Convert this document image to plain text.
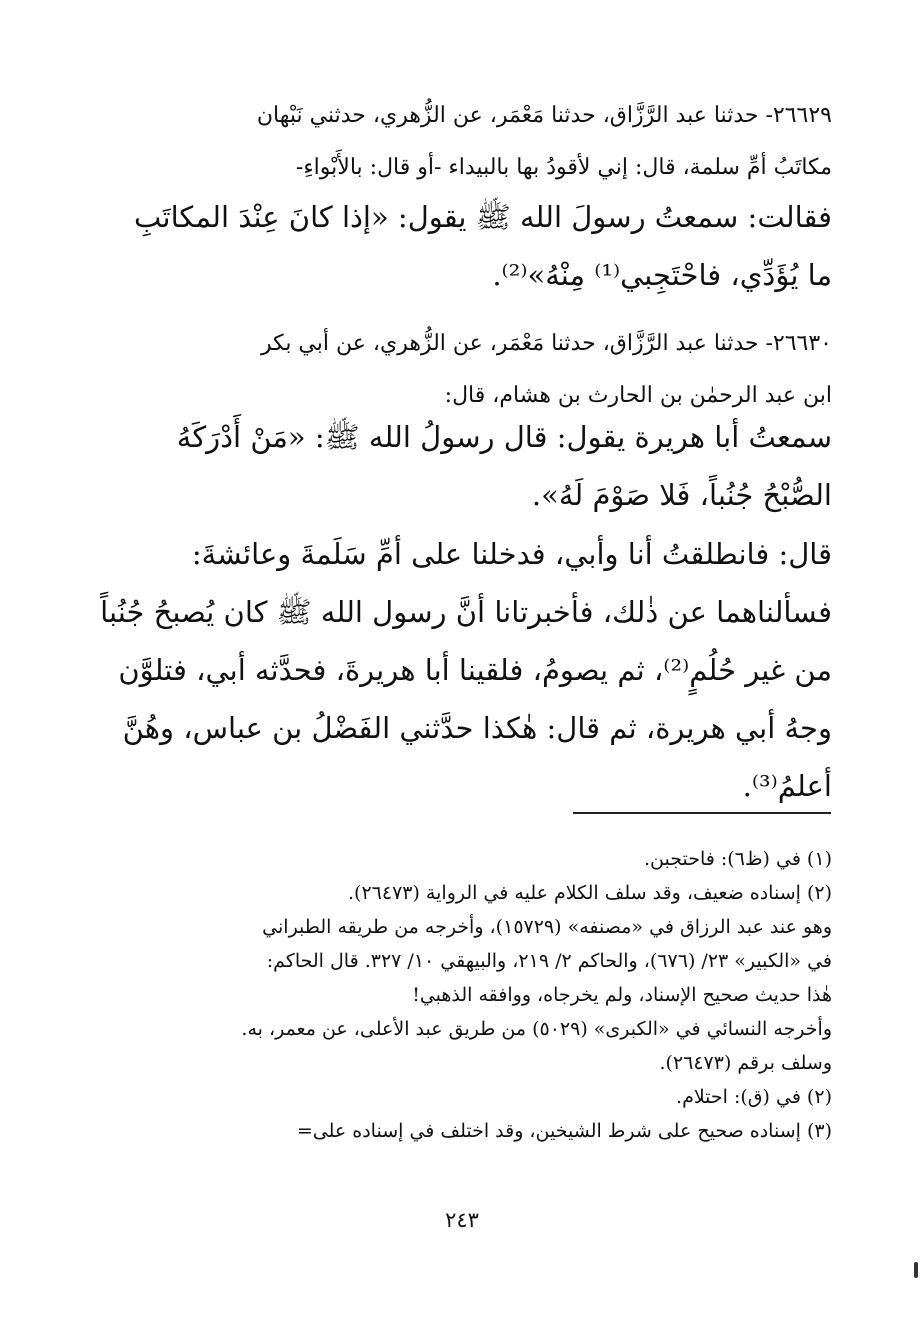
٢٦٦٢٩- حدثنا عبد الرَّزَّاق، حدثنا مَعْمَر، عن الزُّهري، حدثني نَبْهان
مكاتَبُ أمِّ سلمة، قال: إني لأقودُ بها بالبيداء -أو قال: بالأَبْواءِ-
فقالت: سمعتُ رسولَ الله ﷺ يقول: «إذا كانَ عِنْدَ المكاتَبِ
ما يُؤَدِّي، فاحْتَجِبي⁽¹⁾ مِنْهُ»⁽²⁾.
٢٦٦٣٠- حدثنا عبد الرَّزَّاق، حدثنا مَعْمَر، عن الزُّهري، عن أبي بكر
ابن عبد الرحمٰن بن الحارث بن هشام، قال:
سمعتُ أبا هريرة يقول: قال رسولُ الله ﷺ: «مَنْ أَدْرَكَهُ
الصُّبْحُ جُنُباً، فَلا صَوْمَ لَهُ».
قال: فانطلقتُ أنا وأبي، فدخلنا على أمِّ سَلَمةَ وعائشةَ:
فسألناهما عن ذٰلك، فأخبرتانا أنَّ رسول الله ﷺ كان يُصبحُ جُنُباً
من غير حُلُمٍ⁽²⁾، ثم يصومُ، فلقينا أبا هريرةَ، فحدَّثه أبي، فتلوَّن
وجهُ أبي هريرة، ثم قال: هٰكذا حدَّثني الفَضْلُ بن عباس، وهُنَّ
أعلمُ⁽³⁾.
(١) في (ظ٦): فاحتجبن.
(٢) إسناده ضعيف، وقد سلف الكلام عليه في الرواية (٢٦٤٧٣).
وهو عند عبد الرزاق في «مصنفه» (١٥٧٢٩)، وأخرجه من طريقه الطبراني
في «الكبير» ٢٣/ (٦٧٦)، والحاكم ٢/ ٢١٩، والبيهقي ١٠/ ٣٢٧. قال الحاكم:
هٰذا حديث صحيح الإسناد، ولم يخرجاه، ووافقه الذهبي!
وأخرجه النسائي في «الكبرى» (٥٠٢٩) من طريق عبد الأعلى، عن معمر، به.
وسلف برقم (٢٦٤٧٣).
(٢) في (ق): احتلام.
(٣) إسناده صحيح على شرط الشيخين، وقد اختلف في إسناده على=
٢٤٣
